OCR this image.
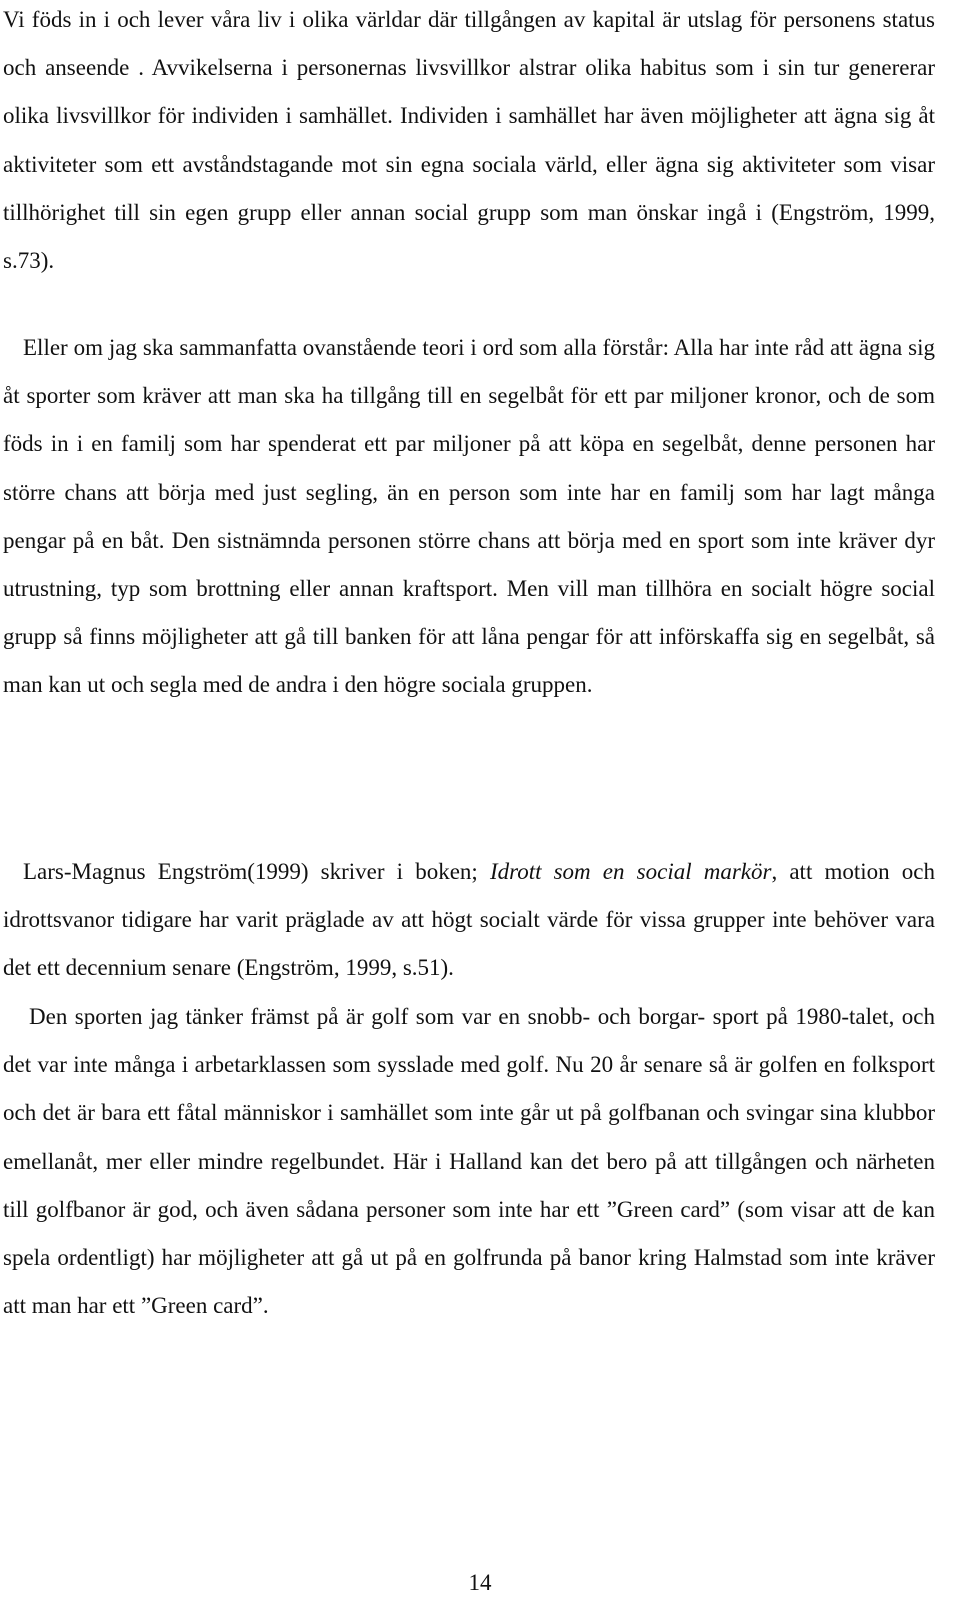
Vi föds in i och lever våra liv i olika världar där tillgången av kapital är utslag för personens status och anseende . Avvikelserna i personernas livsvillkor alstrar olika habitus som i sin tur genererar olika livsvillkor för individen i samhället. Individen i samhället har även möjligheter att ägna sig åt aktiviteter som ett avståndstagande mot sin egna sociala värld, eller ägna sig aktiviteter som visar tillhörighet till sin egen grupp eller annan social grupp som man önskar ingå i (Engström, 1999, s.73).

Eller om jag ska sammanfatta ovanstående teori i ord som alla förstår: Alla har inte råd att ägna sig åt sporter som kräver att man ska ha tillgång till en segelbåt för ett par miljoner kronor, och de som föds in i en familj som har spenderat ett par miljoner på att köpa en segelbåt, denne personen har större chans att börja med just segling, än en person som inte har en familj som har lagt många pengar på en båt. Den sistnämnda personen större chans att börja med en sport som inte kräver dyr utrustning, typ som brottning eller annan kraftsport. Men vill man tillhöra en socialt högre social grupp så finns möjligheter att gå till banken för att låna pengar för att införskaffa sig en segelbåt, så man kan ut och segla med de andra i den högre sociala gruppen.

Lars-Magnus Engström(1999) skriver i boken; Idrott som en social markör, att motion och idrottsvanor tidigare har varit präglade av att högt socialt värde för vissa grupper inte behöver vara det ett decennium senare (Engström, 1999, s.51).

Den sporten jag tänker främst på är golf som var en snobb- och borgar- sport på 1980-talet, och det var inte många i arbetarklassen som sysslade med golf. Nu 20 år senare så är golfen en folksport och det är bara ett fåtal människor i samhället som inte går ut på golfbanan och svingar sina klubbor emellanåt, mer eller mindre regelbundet. Här i Halland kan det bero på att tillgången och närheten till golfbanor är god, och även sådana personer som inte har ett ”Green card” (som visar att de kan spela ordentligt) har möjligheter att gå ut på en golfrunda på banor kring Halmstad som inte kräver att man har ett ”Green card”.

14
